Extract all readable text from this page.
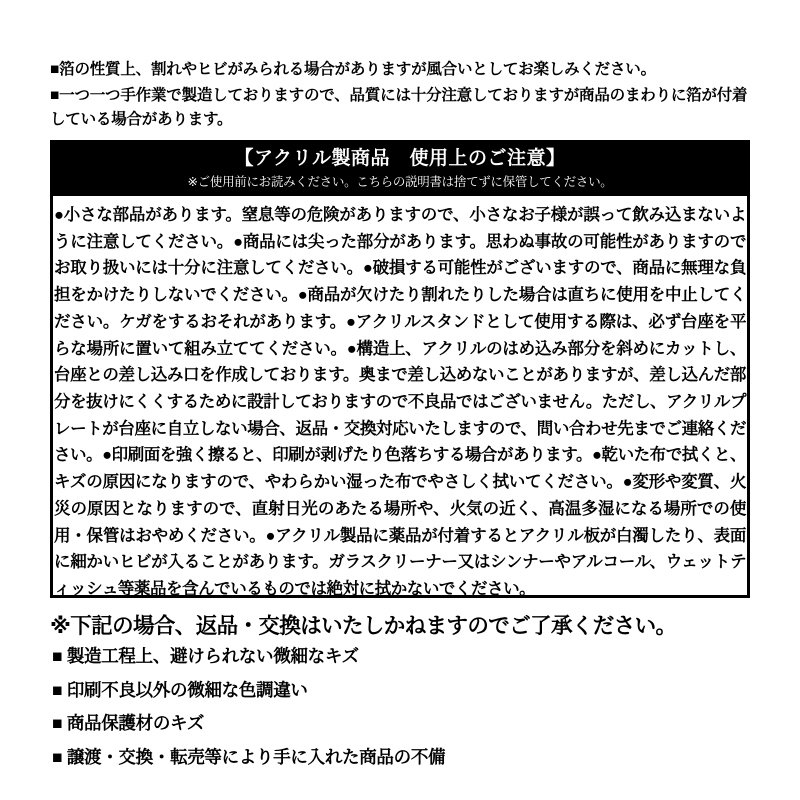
■箔の性質上、割れやヒビがみられる場合がありますが風合いとしてお楽しみください。
■一つ一つ手作業で製造しておりますので、品質には十分注意しておりますが商品のまわりに箔が付着している場合があります。
【アクリル製商品　使用上のご注意】
※ご使用前にお読みください。こちらの説明書は捨てずに保管してください。
●小さな部品があります。窒息等の危険がありますので、小さなお子様が誤って飲み込まないように注意してください。●商品には尖った部分があります。思わぬ事故の可能性がありますのでお取り扱いには十分に注意してください。●破損する可能性がございますので、商品に無理な負担をかけたりしないでください。●商品が欠けたり割れたりした場合は直ちに使用を中止してください。ケガをするおそれがあります。●アクリルスタンドとして使用する際は、必ず台座を平らな場所に置いて組み立ててください。●構造上、アクリルのはめ込み部分を斜めにカットし、台座との差し込み口を作成しております。奥まで差し込めないことがありますが、差し込んだ部分を抜けにくくするために設計しておりますので不良品ではございません。ただし、アクリルプレートが台座に自立しない場合、返品・交換対応いたしますので、問い合わせ先までご連絡ください。●印刷面を強く擦ると、印刷が剥げたり色落ちする場合があります。●乾いた布で拭くと、キズの原因になりますので、やわらかい湿った布でやさしく拭いてください。●変形や変質、火災の原因となりますので、直射日光のあたる場所や、火気の近く、高温多湿になる場所での使用・保管はおやめください。●アクリル製品に薬品が付着するとアクリル板が白濁したり、表面に細かいヒビが入ることがあります。ガラスクリーナー又はシンナーやアルコール、ウェットティッシュ等薬品を含んでいるものでは絶対に拭かないでください。
※下記の場合、返品・交換はいたしかねますのでご了承ください。
■ 製造工程上、避けられない微細なキズ
■ 印刷不良以外の微細な色調違い
■ 商品保護材のキズ
■ 譲渡・交換・転売等により手に入れた商品の不備
